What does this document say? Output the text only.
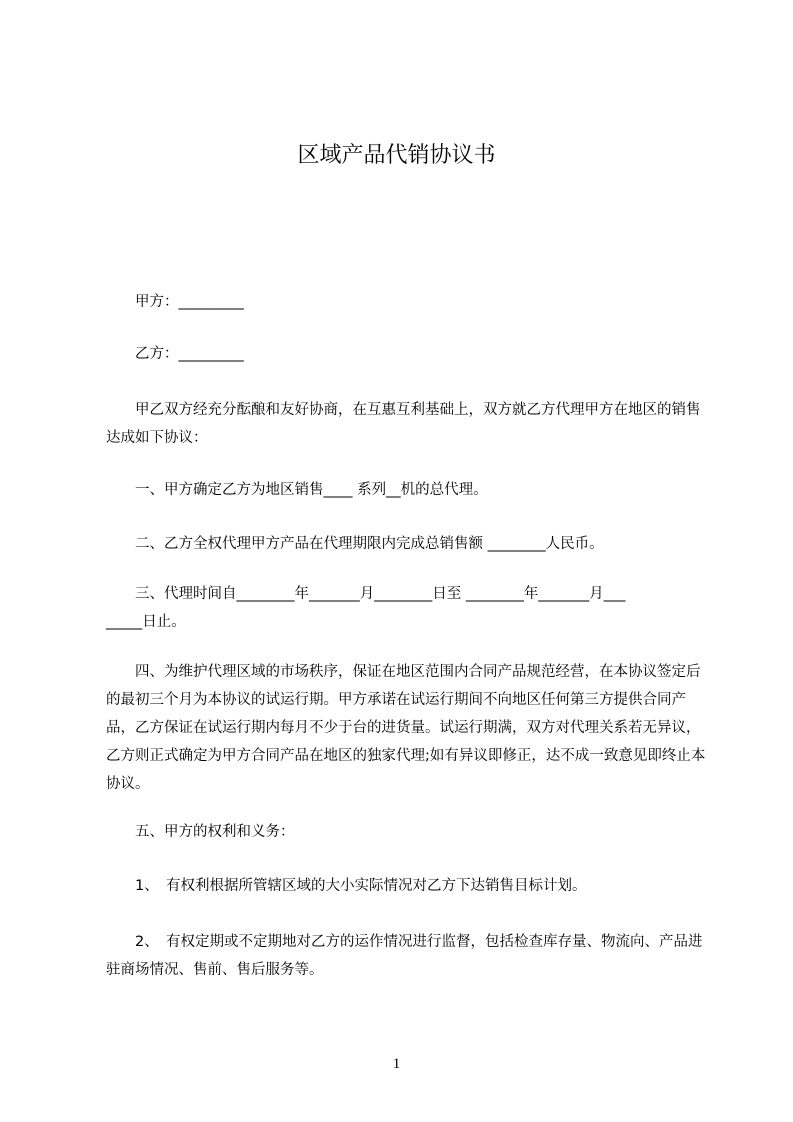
区域产品代销协议书
　　甲方：_________
　　乙方：_________
　　甲乙双方经充分酝酿和友好协商，在互惠互利基础上，双方就乙方代理甲方在地区的销售达成如下协议：
　　一、甲方确定乙方为地区销售____ 系列__机的总代理。
　　二、乙方全权代理甲方产品在代理期限内完成总销售额 ________人民币。
　　三、代理时间自________年_______月________日至 ________年_______月___
_____日止。
　　四、为维护代理区域的市场秩序，保证在地区范围内合同产品规范经营，在本协议签定后的最初三个月为本协议的试运行期。甲方承诺在试运行期间不向地区任何第三方提供合同产品，乙方保证在试运行期内每月不少于台的进货量。试运行期满，双方对代理关系若无异议，乙方则正式确定为甲方合同产品在地区的独家代理;如有异议即修正，达不成一致意见即终止本协议。
　　五、甲方的权利和义务：
　　1、　有权利根据所管辖区域的大小实际情况对乙方下达销售目标计划。
　　2、　有权定期或不定期地对乙方的运作情况进行监督，包括检查库存量、物流向、产品进驻商场情况、售前、售后服务等。
1
